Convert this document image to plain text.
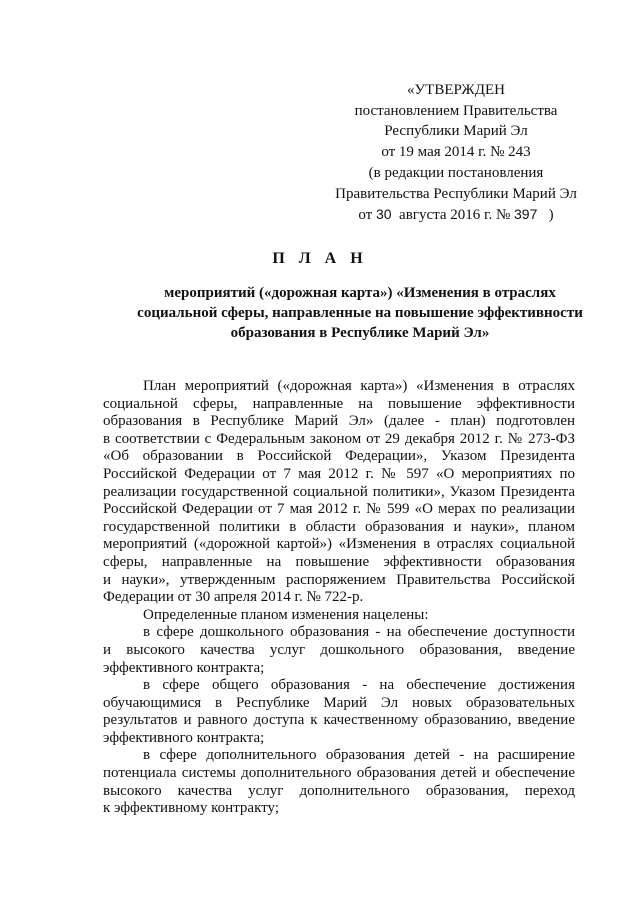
«УТВЕРЖДЕН
постановлением Правительства
Республики Марий Эл
от 19 мая 2014 г. № 243
(в редакции постановления
Правительства Республики Марий Эл
от 30 августа 2016 г. № 397 )
П Л А Н
мероприятий («дорожная карта») «Изменения в отраслях
социальной сферы, направленные на повышение эффективности
образования в Республике Марий Эл»

План мероприятий («дорожная карта») «Изменения в отраслях
социальной сферы, направленные на повышение эффективности
образования в Республике Марий Эл» (далее - план) подготовлен
в соответствии с Федеральным законом от 29 декабря 2012 г. № 273-ФЗ
«Об образовании в Российской Федерации», Указом Президента
Российской Федерации от 7 мая 2012 г. № 597 «О мероприятиях по
реализации государственной социальной политики», Указом Президента
Российской Федерации от 7 мая 2012 г. № 599 «О мерах по реализации
государственной политики в области образования и науки», планом
мероприятий («дорожной картой») «Изменения в отраслях социальной
сферы, направленные на повышение эффективности образования
и науки», утвержденным распоряжением Правительства Российской
Федерации от 30 апреля 2014 г. № 722-р.

Определенные планом изменения нацелены:

в сфере дошкольного образования - на обеспечение доступности
и высокого качества услуг дошкольного образования, введение
эффективного контракта;

в сфере общего образования - на обеспечение достижения
обучающимися в Республике Марий Эл новых образовательных
результатов и равного доступа к качественному образованию, введение
эффективного контракта;

в сфере дополнительного образования детей - на расширение
потенциала системы дополнительного образования детей и обеспечение
высокого качества услуг дополнительного образования, переход
к эффективному контракту;
